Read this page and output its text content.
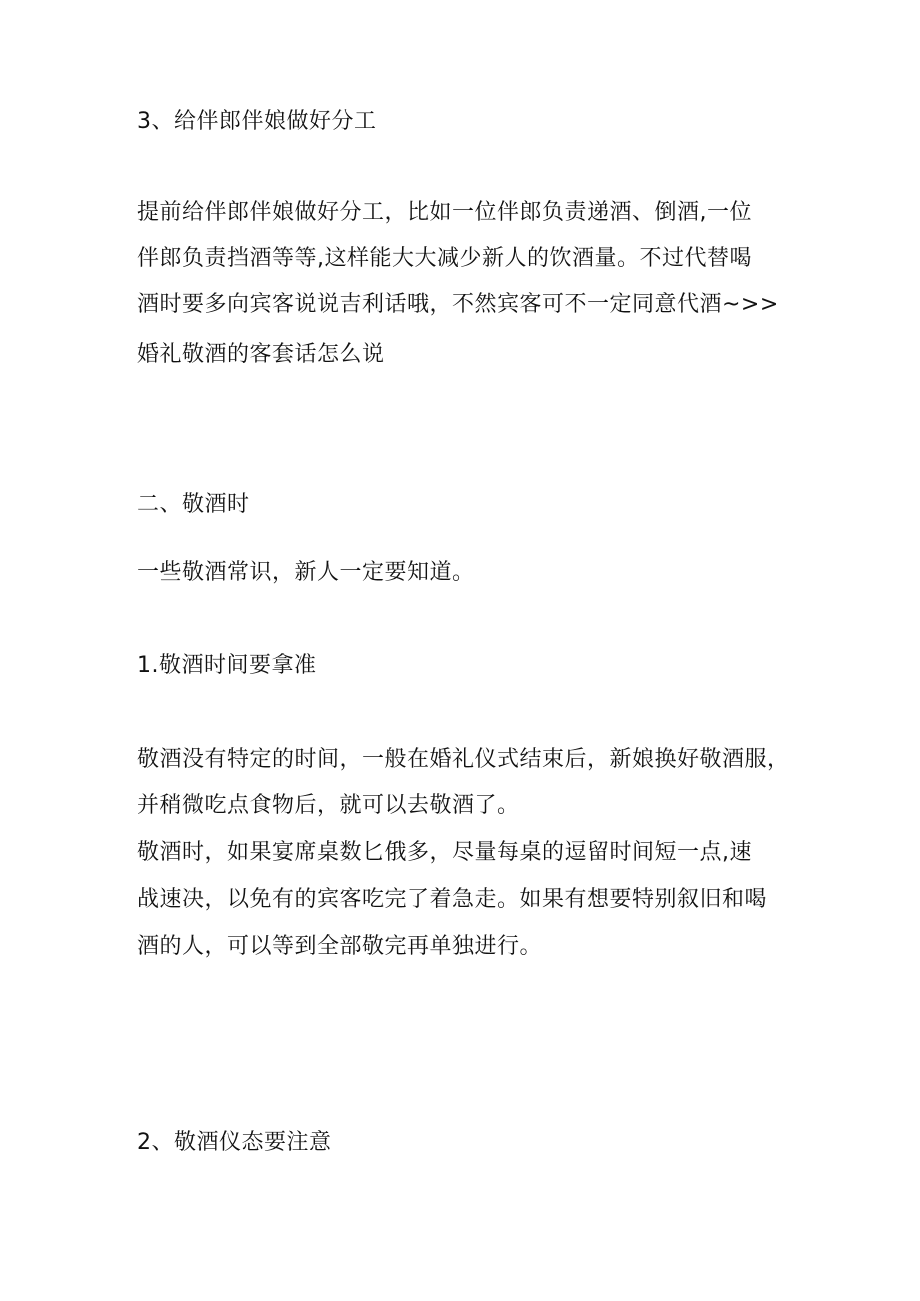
3、给伴郎伴娘做好分工
提前给伴郎伴娘做好分工，比如一位伴郎负责递酒、倒酒,一位
伴郎负责挡酒等等,这样能大大减少新人的饮酒量。不过代替喝
酒时要多向宾客说说吉利话哦，不然宾客可不一定同意代酒~>>
婚礼敬酒的客套话怎么说
二、敬酒时
一些敬酒常识，新人一定要知道。
1.敬酒时间要拿准
敬酒没有特定的时间，一般在婚礼仪式结束后，新娘换好敬酒服，
并稍微吃点食物后，就可以去敬酒了。
敬酒时，如果宴席桌数匕俄多，尽量每桌的逗留时间短一点,速
战速决，以免有的宾客吃完了着急走。如果有想要特别叙旧和喝
酒的人，可以等到全部敬完再单独进行。
2、敬酒仪态要注意
